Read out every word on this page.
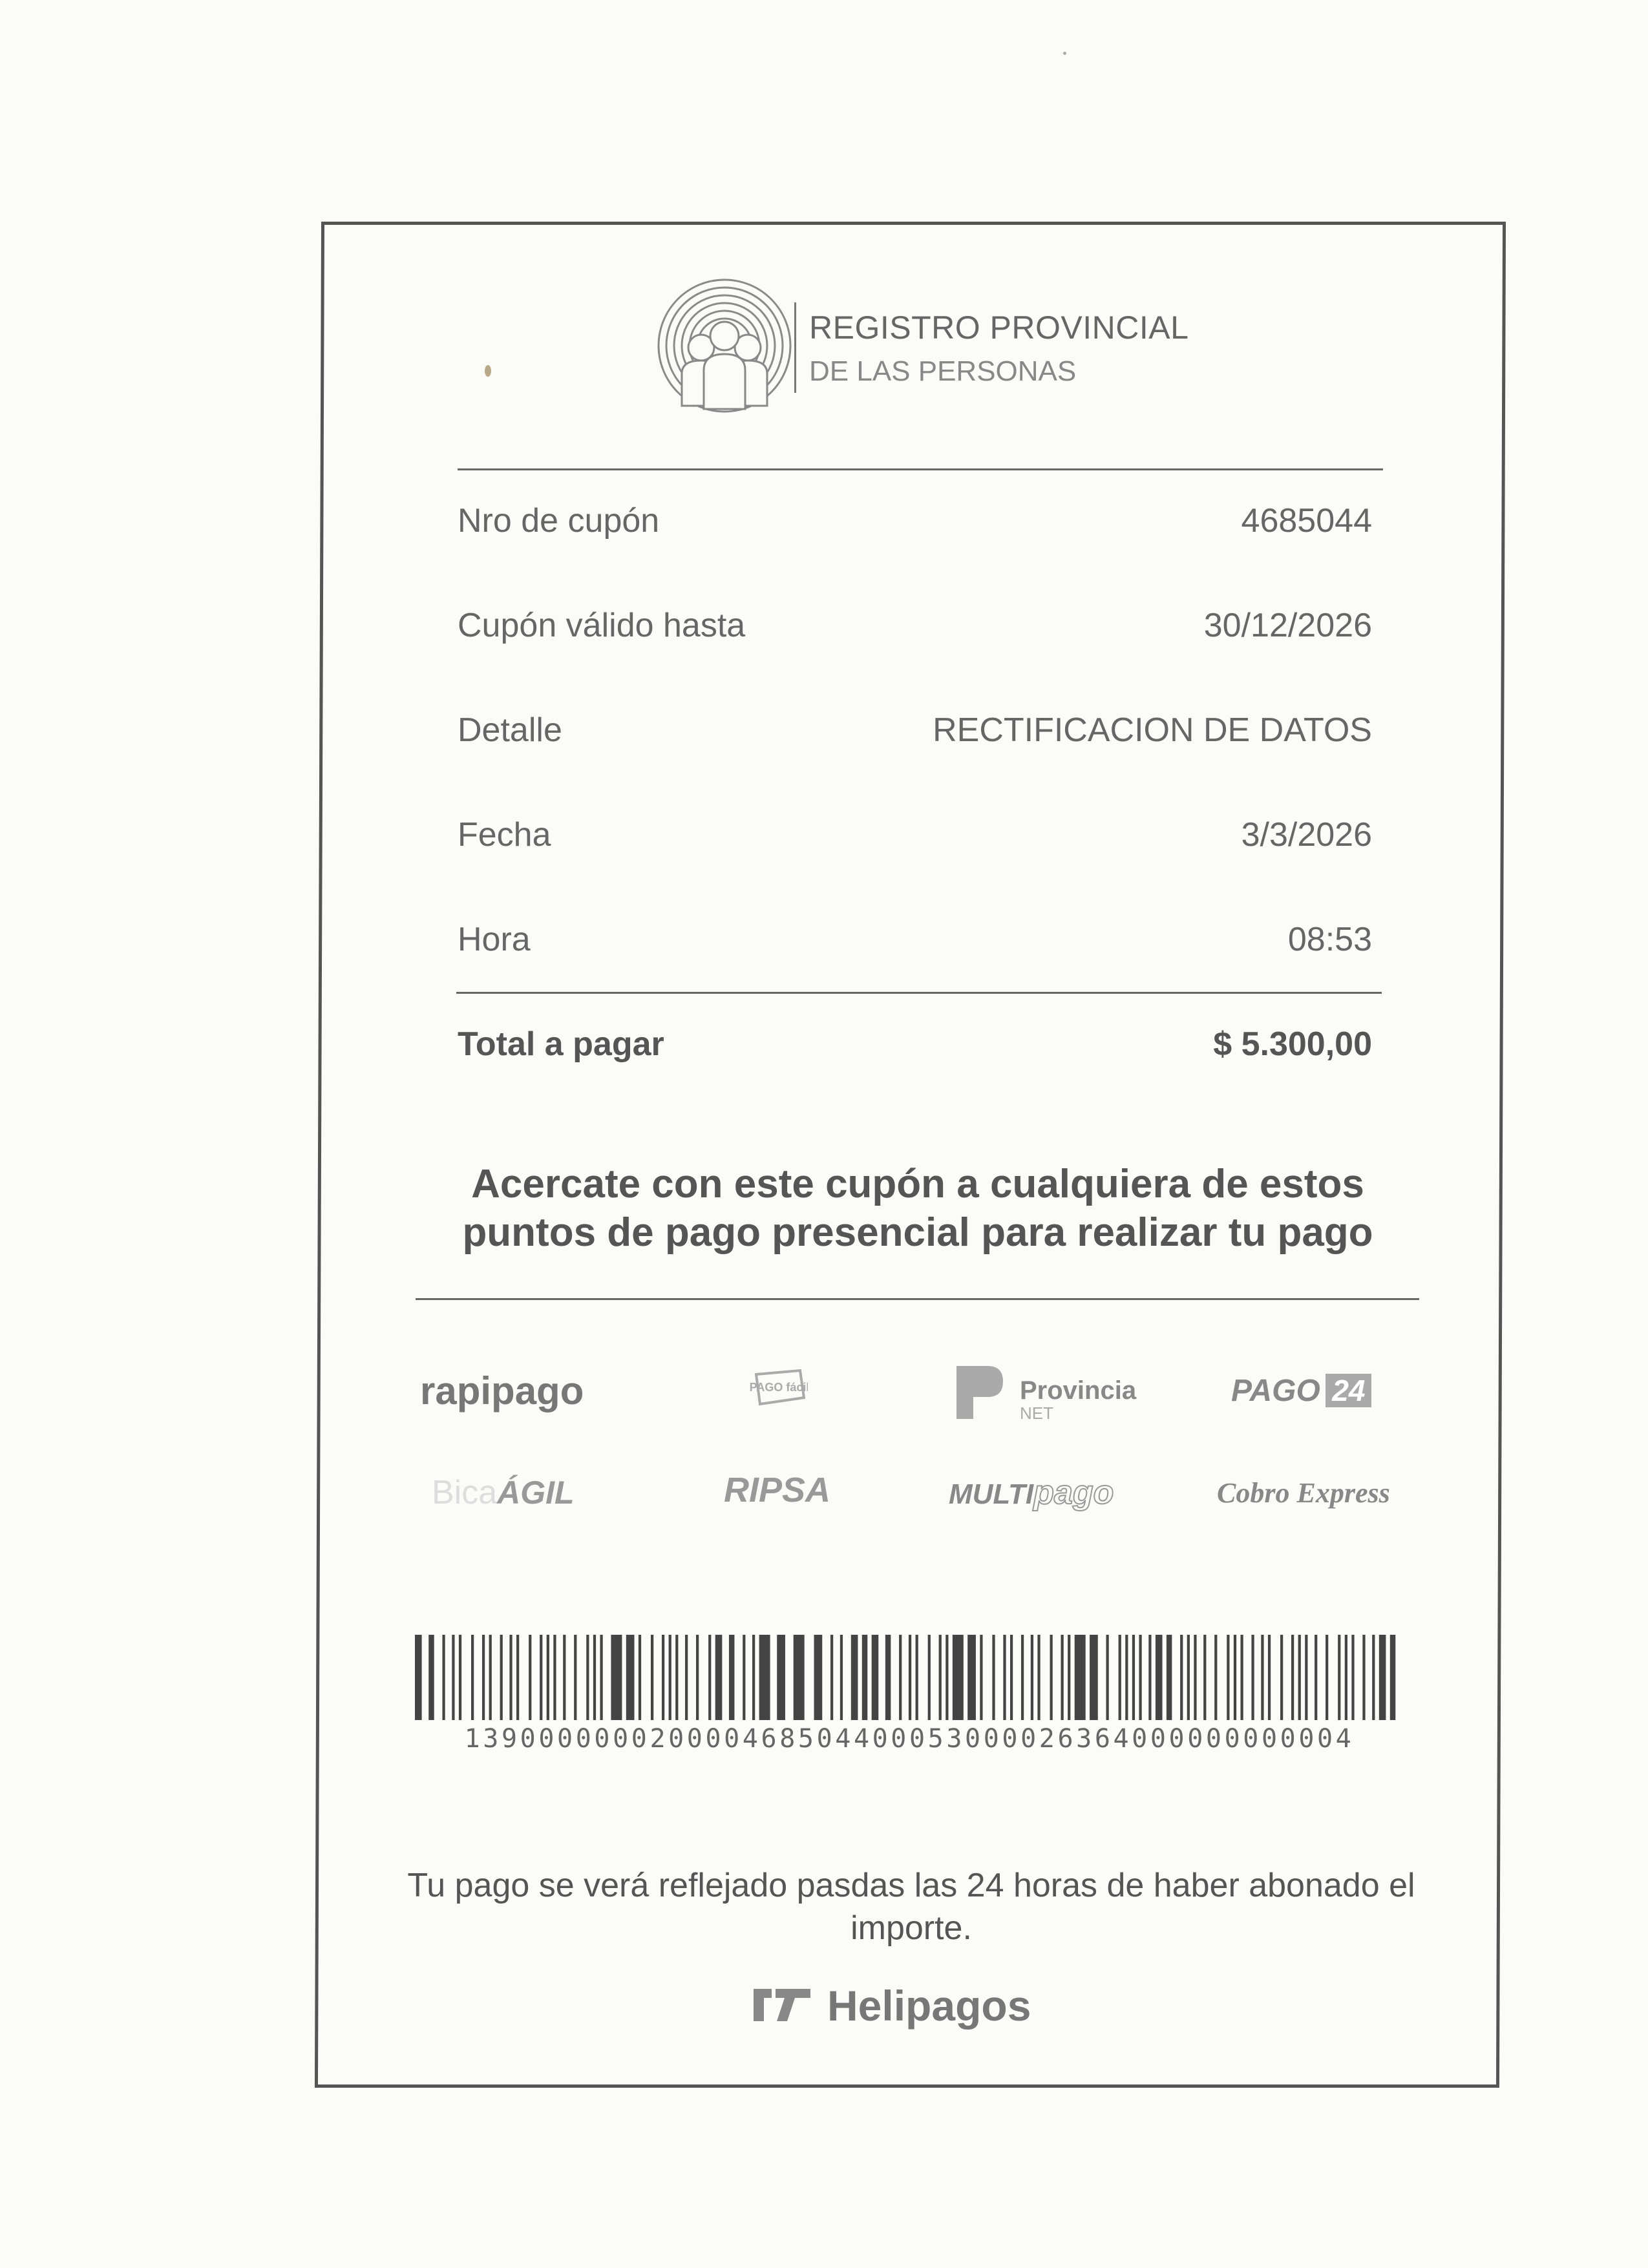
REGISTRO PROVINCIAL
DE LAS PERSONAS
Nro de cupón	4685044
Cupón válido hasta	30/12/2026
Detalle	RECTIFICACION DE DATOS
Fecha	3/3/2026
Hora	08:53
Total a pagar	$ 5.300,00
Acercate con este cupón a cualquiera de estos
puntos de pago presencial para realizar tu pago
rapipago	PAGO fácil	Provincia
NET
PAGO 24
BicaÁGIL	RIPSA	MULTIpago	Cobro Express
139000000020000468504400053000026364000000000004
Tu pago se verá reflejado pasdas las 24 horas de haber abonado el
importe.
Helipagos
